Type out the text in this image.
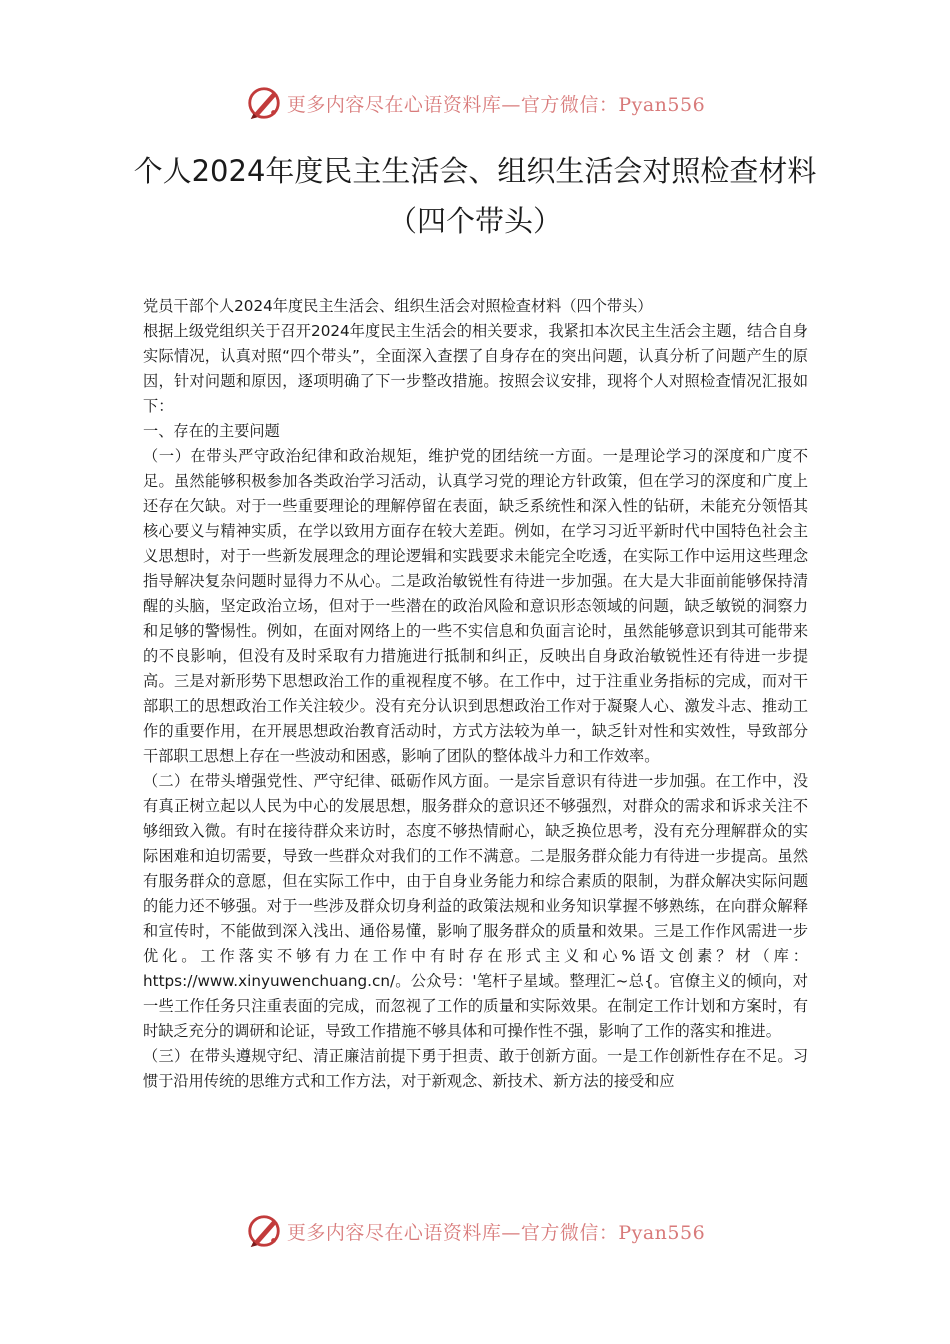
更多内容尽在心语资料库—官方微信：Pyan556
个人2024年度民主生活会、组织生活会对照检查材料（四个带头）

党员干部个人2024年度民主生活会、组织生活会对照检查材料（四个带头）

根据上级党组织关于召开2024年度民主生活会的相关要求，我紧扣本次民主生活会主题，结合自身实际情况，认真对照“四个带头”，全面深入查摆了自身存在的突出问题，认真分析了问题产生的原因，针对问题和原因，逐项明确了下一步整改措施。按照会议安排，现将个人对照检查情况汇报如下：

一、存在的主要问题

（一）在带头严守政治纪律和政治规矩，维护党的团结统一方面。一是理论学习的深度和广度不足。虽然能够积极参加各类政治学习活动，认真学习党的理论方针政策，但在学习的深度和广度上还存在欠缺。对于一些重要理论的理解停留在表面，缺乏系统性和深入性的钻研，未能充分领悟其核心要义与精神实质，在学以致用方面存在较大差距。例如，在学习习近平新时代中国特色社会主义思想时，对于一些新发展理念的理论逻辑和实践要求未能完全吃透，在实际工作中运用这些理念指导解决复杂问题时显得力不从心。二是政治敏锐性有待进一步加强。在大是大非面前能够保持清醒的头脑，坚定政治立场，但对于一些潜在的政治风险和意识形态领域的问题，缺乏敏锐的洞察力和足够的警惕性。例如，在面对网络上的一些不实信息和负面言论时，虽然能够意识到其可能带来的不良影响，但没有及时采取有力措施进行抵制和纠正，反映出自身政治敏锐性还有待进一步提高。三是对新形势下思想政治工作的重视程度不够。在工作中，过于注重业务指标的完成，而对干部职工的思想政治工作关注较少。没有充分认识到思想政治工作对于凝聚人心、激发斗志、推动工作的重要作用，在开展思想政治教育活动时，方式方法较为单一，缺乏针对性和实效性，导致部分干部职工思想上存在一些波动和困惑，影响了团队的整体战斗力和工作效率。

（二）在带头增强党性、严守纪律、砥砺作风方面。一是宗旨意识有待进一步加强。在工作中，没有真正树立起以人民为中心的发展思想，服务群众的意识还不够强烈，对群众的需求和诉求关注不够细致入微。有时在接待群众来访时，态度不够热情耐心，缺乏换位思考，没有充分理解群众的实际困难和迫切需要，导致一些群众对我们的工作不满意。二是服务群众能力有待进一步提高。虽然有服务群众的意愿，但在实际工作中，由于自身业务能力和综合素质的限制，为群众解决实际问题的能力还不够强。对于一些涉及群众切身利益的政策法规和业务知识掌握不够熟练，在向群众解释和宣传时，不能做到深入浅出、通俗易懂，影响了服务群众的质量和效果。三是工作作风需进一步优化。工作落实不够有力在工作中有时存在形式主义和心%语文创素？材（库：https://www.xinyuwenchuang.cn/。公众号：'笔杆子星域。整理汇~总{。官僚主义的倾向，对一些工作任务只注重表面的完成，而忽视了工作的质量和实际效果。在制定工作计划和方案时，有时缺乏充分的调研和论证，导致工作措施不够具体和可操作性不强，影响了工作的落实和推进。

（三）在带头遵规守纪、清正廉洁前提下勇于担责、敢于创新方面。一是工作创新性存在不足。习惯于沿用传统的思维方式和工作方法，对于新观念、新技术、新方法的接受和应

更多内容尽在心语资料库—官方微信：Pyan556
